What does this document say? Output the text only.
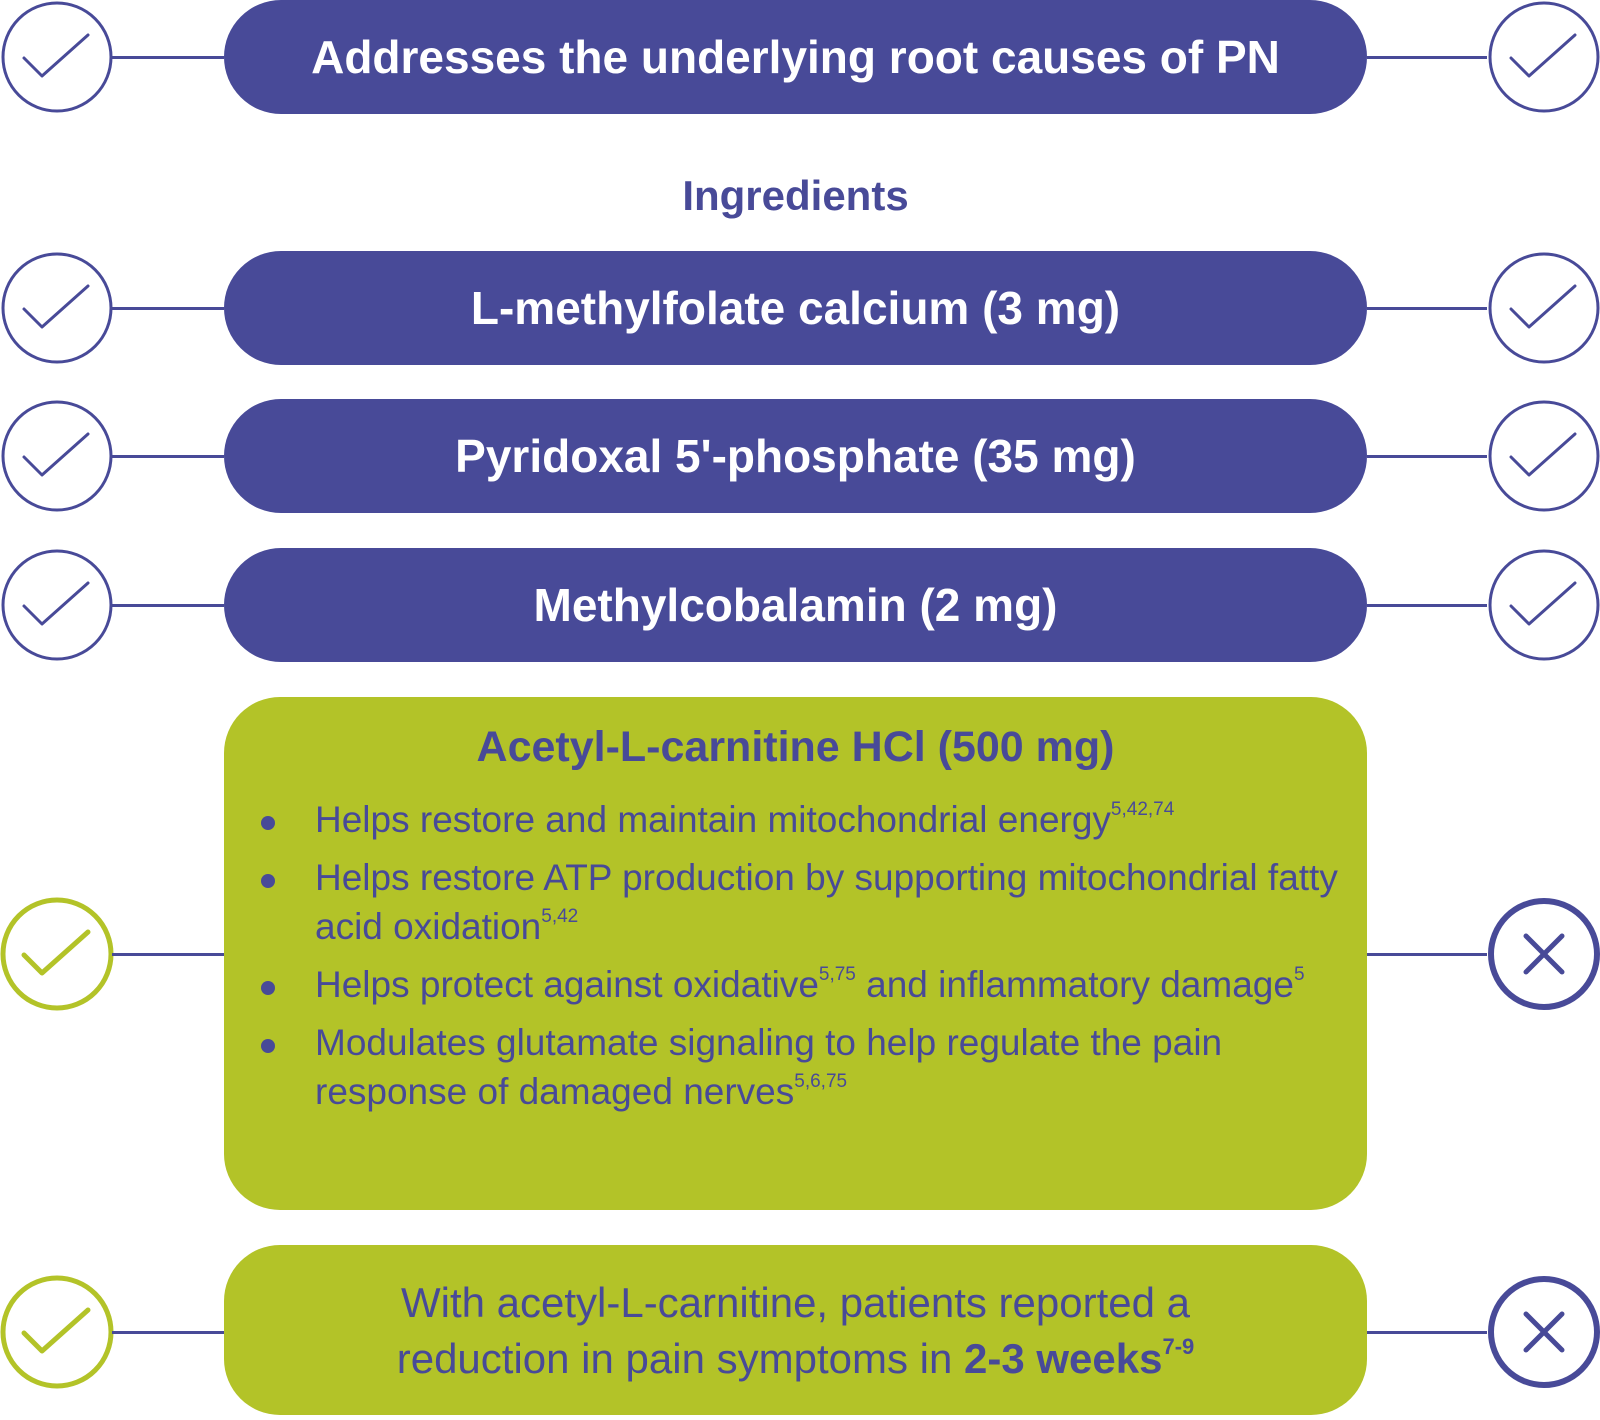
Addresses the underlying root causes of PN
Ingredients
L-methylfolate calcium (3 mg)
Pyridoxal 5'-phosphate (35 mg)
Methylcobalamin (2 mg)
Acetyl-L-carnitine HCl (500 mg)
Helps restore and maintain mitochondrial energy$^{5,42,74}$
Helps restore ATP production by supporting mitochondrial fatty acid oxidation$^{5,42}$
Helps protect against oxidative$^{5,75}$ and inflammatory damage$^5$
Modulates glutamate signaling to help regulate the pain response of damaged nerves$^{5,6,75}$
With acetyl-L-carnitine, patients reported a
reduction in pain symptoms in 2-3 weeks$^{7-9}$
